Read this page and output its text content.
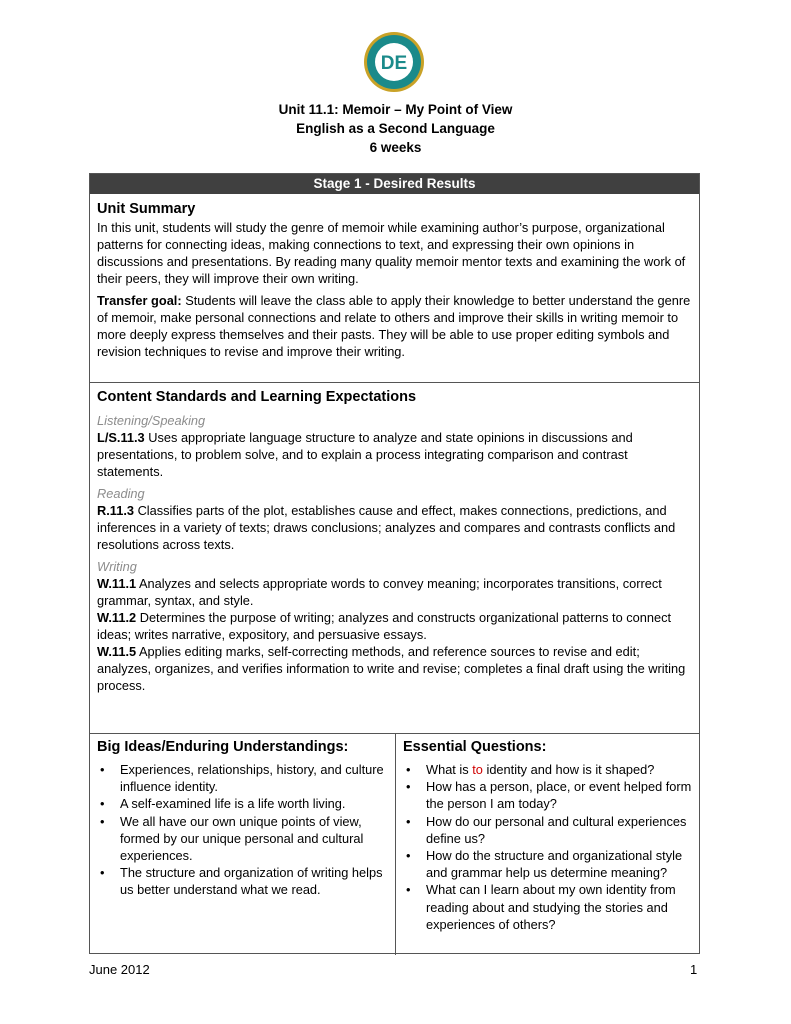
DE
Unit 11.1: Memoir – My Point of View
English as a Second Language
6 weeks
Stage 1 - Desired Results
Unit Summary

In this unit, students will study the genre of memoir while examining author’s purpose, organizational patterns for connecting ideas, making connections to text, and expressing their own opinions in discussions and presentations. By reading many quality memoir mentor texts and examining the work of their peers, they will improve their own writing.

Transfer goal: Students will leave the class able to apply their knowledge to better understand the genre of memoir, make personal connections and relate to others and improve their skills in writing memoir to more deeply express themselves and their pasts. They will be able to use proper editing symbols and revision techniques to revise and improve their writing.

Content Standards and Learning Expectations
Listening/Speaking

L/S.11.3 Uses appropriate language structure to analyze and state opinions in discussions and presentations, to problem solve, and to explain a process integrating comparison and contrast statements.

Reading

R.11.3 Classifies parts of the plot, establishes cause and effect, makes connections, predictions, and inferences in a variety of texts; draws conclusions; analyzes and compares and contrasts conflicts and resolutions across texts.

Writing

W.11.1 Analyzes and selects appropriate words to convey meaning; incorporates transitions, correct grammar, syntax, and style.

W.11.2 Determines the purpose of writing; analyzes and constructs organizational patterns to connect ideas; writes narrative, expository, and persuasive essays.

W.11.5 Applies editing marks, self-correcting methods, and reference sources to revise and edit; analyzes, organizes, and verifies information to write and revise; completes a final draft using the writing process.

Big Ideas/Enduring Understandings:
• Experiences, relationships, history, and culture influence identity.
• A self-examined life is a life worth living.
• We all have our own unique points of view, formed by our unique personal and cultural experiences.
• The structure and organization of writing helps us better understand what we read.
Essential Questions:
• What is to identity and how is it shaped?
• How has a person, place, or event helped form the person I am today?
• How do our personal and cultural experiences define us?
• How do the structure and organizational style and grammar help us determine meaning?
• What can I learn about my own identity from reading about and studying the stories and experiences of others?
June 2012	1
